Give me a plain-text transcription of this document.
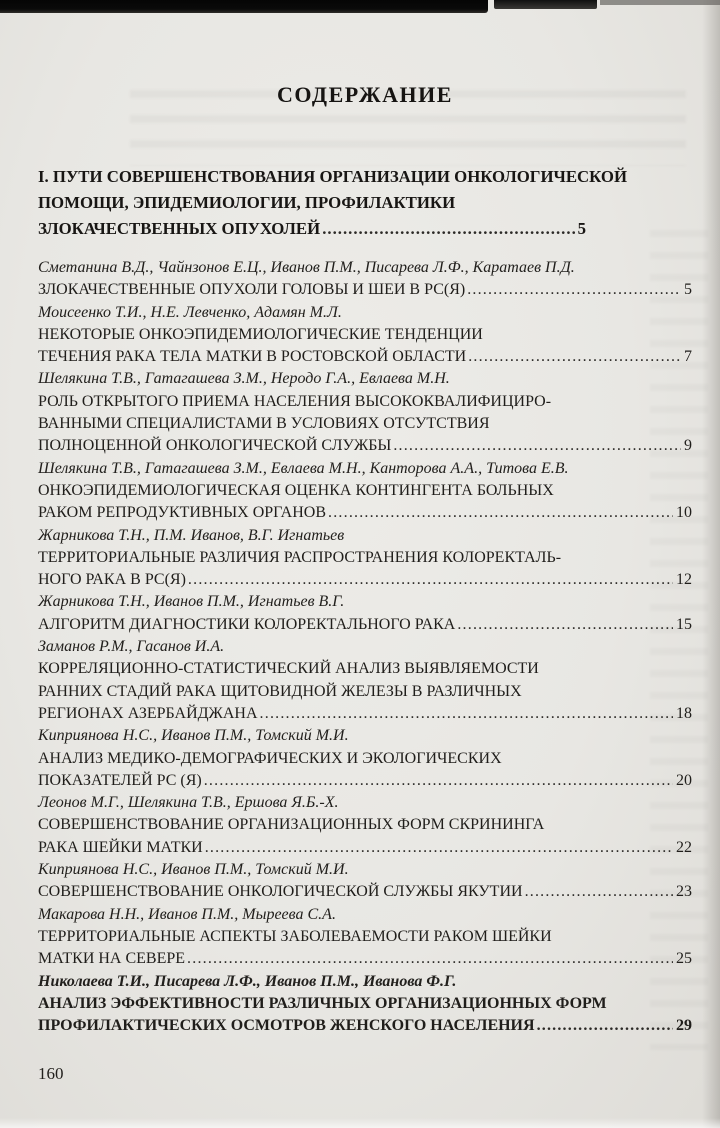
СОДЕРЖАНИЕ
I. ПУТИ СОВЕРШЕНСТВОВАНИЯ ОРГАНИЗАЦИИ ОНКОЛОГИЧЕСКОЙ
ПОМОЩИ, ЭПИДЕМИОЛОГИИ, ПРОФИЛАКТИКИ
ЗЛОКАЧЕСТВЕННЫХ ОПУХОЛЕЙ .....	5
Сметанина В.Д., Чайнзонов Е.Ц., Иванов П.М., Писарева Л.Ф., Каратаев П.Д.
ЗЛОКАЧЕСТВЕННЫЕ ОПУХОЛИ ГОЛОВЫ И ШЕИ В РС(Я) .....	5
Моисеенко Т.И., Н.Е. Левченко, Адамян М.Л.
НЕКОТОРЫЕ ОНКОЭПИДЕМИОЛОГИЧЕСКИЕ ТЕНДЕНЦИИ
ТЕЧЕНИЯ РАКА ТЕЛА МАТКИ В РОСТОВСКОЙ ОБЛАСТИ .....	7
Шелякина Т.В., Гатагашева З.М., Неродо Г.А., Евлаева М.Н.
РОЛЬ ОТКРЫТОГО ПРИЕМА НАСЕЛЕНИЯ ВЫСОКОКВАЛИФИЦИРО-
ВАННЫМИ СПЕЦИАЛИСТАМИ В УСЛОВИЯХ ОТСУТСТВИЯ
ПОЛНОЦЕННОЙ ОНКОЛОГИЧЕСКОЙ СЛУЖБЫ .....	9
Шелякина Т.В., Гатагашева З.М., Евлаева М.Н., Канторова А.А., Титова Е.В.
ОНКОЭПИДЕМИОЛОГИЧЕСКАЯ ОЦЕНКА КОНТИНГЕНТА БОЛЬНЫХ
РАКОМ РЕПРОДУКТИВНЫХ ОРГАНОВ .....	10
Жарникова Т.Н., П.М. Иванов, В.Г. Игнатьев
ТЕРРИТОРИАЛЬНЫЕ РАЗЛИЧИЯ РАСПРОСТРАНЕНИЯ КОЛОРЕКТАЛЬ-
НОГО РАКА В РС(Я) .....	12
Жарникова Т.Н., Иванов П.М., Игнатьев В.Г.
АЛГОРИТМ ДИАГНОСТИКИ КОЛОРЕКТАЛЬНОГО РАКА .....	15
Заманов Р.М., Гасанов И.А.
КОРРЕЛЯЦИОННО-СТАТИСТИЧЕСКИЙ АНАЛИЗ ВЫЯВЛЯЕМОСТИ
РАННИХ СТАДИЙ РАКА ЩИТОВИДНОЙ ЖЕЛЕЗЫ В РАЗЛИЧНЫХ
РЕГИОНАХ АЗЕРБАЙДЖАНА .....	18
Киприянова Н.С., Иванов П.М., Томский М.И.
АНАЛИЗ МЕДИКО-ДЕМОГРАФИЧЕСКИХ И ЭКОЛОГИЧЕСКИХ
ПОКАЗАТЕЛЕЙ РС (Я) .....	20
Леонов М.Г., Шелякина Т.В., Ершова Я.Б.-Х.
СОВЕРШЕНСТВОВАНИЕ ОРГАНИЗАЦИОННЫХ ФОРМ СКРИНИНГА
РАКА ШЕЙКИ МАТКИ .....	22
Киприянова Н.С., Иванов П.М., Томский М.И.
СОВЕРШЕНСТВОВАНИЕ ОНКОЛОГИЧЕСКОЙ СЛУЖБЫ ЯКУТИИ .....	23
Макарова Н.Н., Иванов П.М., Мыреева С.А.
ТЕРРИТОРИАЛЬНЫЕ АСПЕКТЫ ЗАБОЛЕВАЕМОСТИ РАКОМ ШЕЙКИ
МАТКИ НА СЕВЕРЕ .....	25
Николаева Т.И., Писарева Л.Ф., Иванов П.М., Иванова Ф.Г.
АНАЛИЗ ЭФФЕКТИВНОСТИ РАЗЛИЧНЫХ ОРГАНИЗАЦИОННЫХ ФОРМ
ПРОФИЛАКТИЧЕСКИХ ОСМОТРОВ ЖЕНСКОГО НАСЕЛЕНИЯ .....	29
160
